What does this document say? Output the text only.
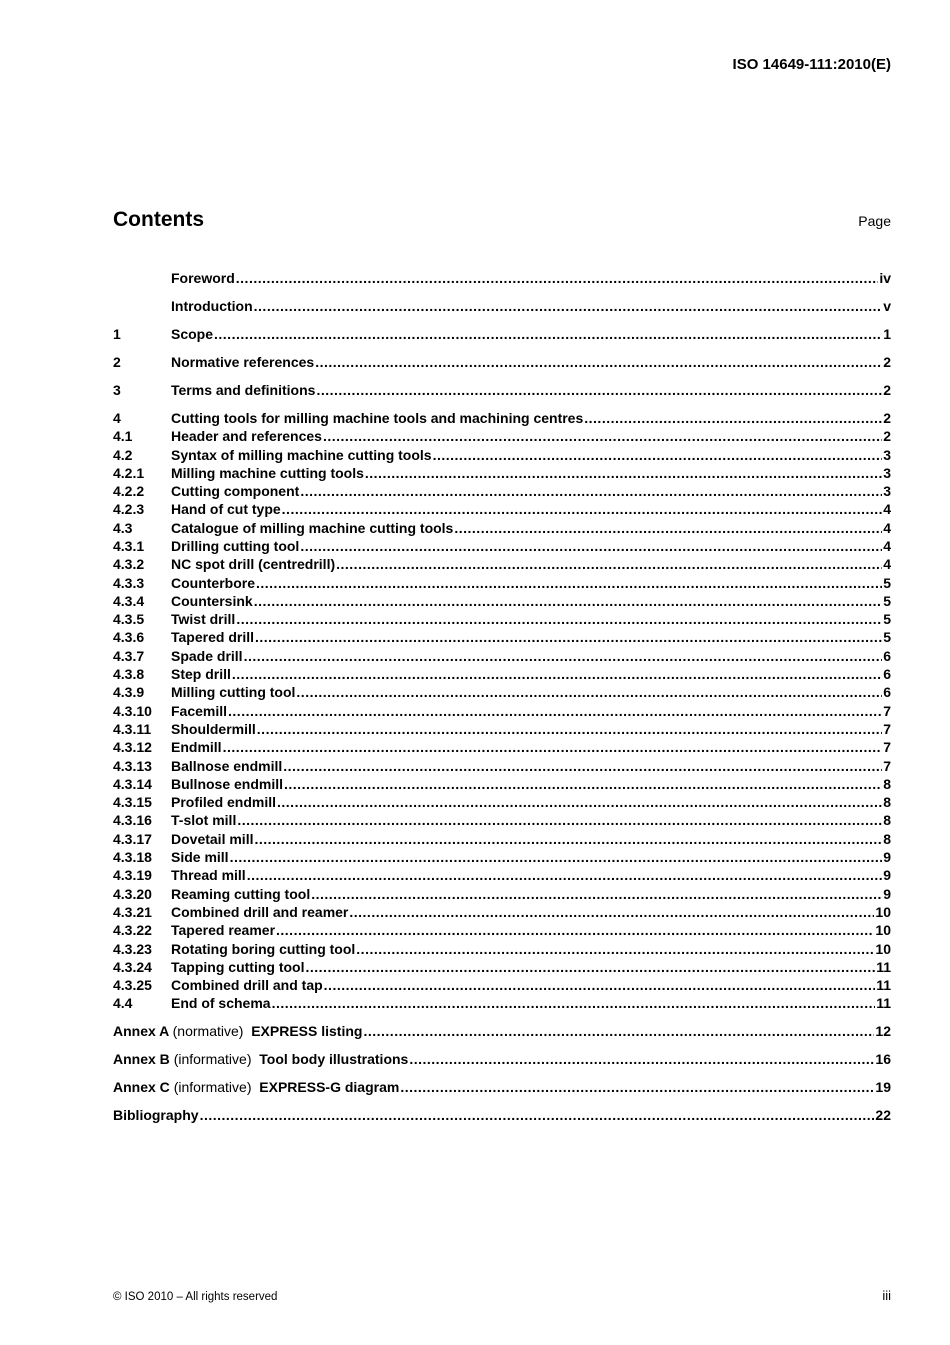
ISO 14649-111:2010(E)
Contents	Page
Foreword .....	iv
Introduction .....	v
1	Scope .....	1
2	Normative references .....	2
3	Terms and definitions .....	2
4	Cutting tools for milling machine tools and machining centres .....	2
4.1	Header and references .....	2
4.2	Syntax of milling machine cutting tools .....	3
4.2.1	Milling machine cutting tools .....	3
4.2.2	Cutting component .....	3
4.2.3	Hand of cut type .....	4
4.3	Catalogue of milling machine cutting tools .....	4
4.3.1	Drilling cutting tool .....	4
4.3.2	NC spot drill (centredrill) .....	4
4.3.3	Counterbore .....	5
4.3.4	Countersink .....	5
4.3.5	Twist drill .....	5
4.3.6	Tapered drill .....	5
4.3.7	Spade drill .....	6
4.3.8	Step drill .....	6
4.3.9	Milling cutting tool .....	6
4.3.10	Facemill .....	7
4.3.11	Shouldermill .....	7
4.3.12	Endmill .....	7
4.3.13	Ballnose endmill .....	7
4.3.14	Bullnose endmill .....	8
4.3.15	Profiled endmill .....	8
4.3.16	T-slot mill .....	8
4.3.17	Dovetail mill .....	8
4.3.18	Side mill .....	9
4.3.19	Thread mill .....	9
4.3.20	Reaming cutting tool .....	9
4.3.21	Combined drill and reamer .....	10
4.3.22	Tapered reamer .....	10
4.3.23	Rotating boring cutting tool .....	10
4.3.24	Tapping cutting tool .....	11
4.3.25	Combined drill and tap .....	11
4.4	End of schema .....	11
Annex A (normative) EXPRESS listing .....	12
Annex B (informative) Tool body illustrations .....	16
Annex C (informative) EXPRESS-G diagram .....	19
Bibliography .....	22
© ISO 2010 – All rights reserved	iii
